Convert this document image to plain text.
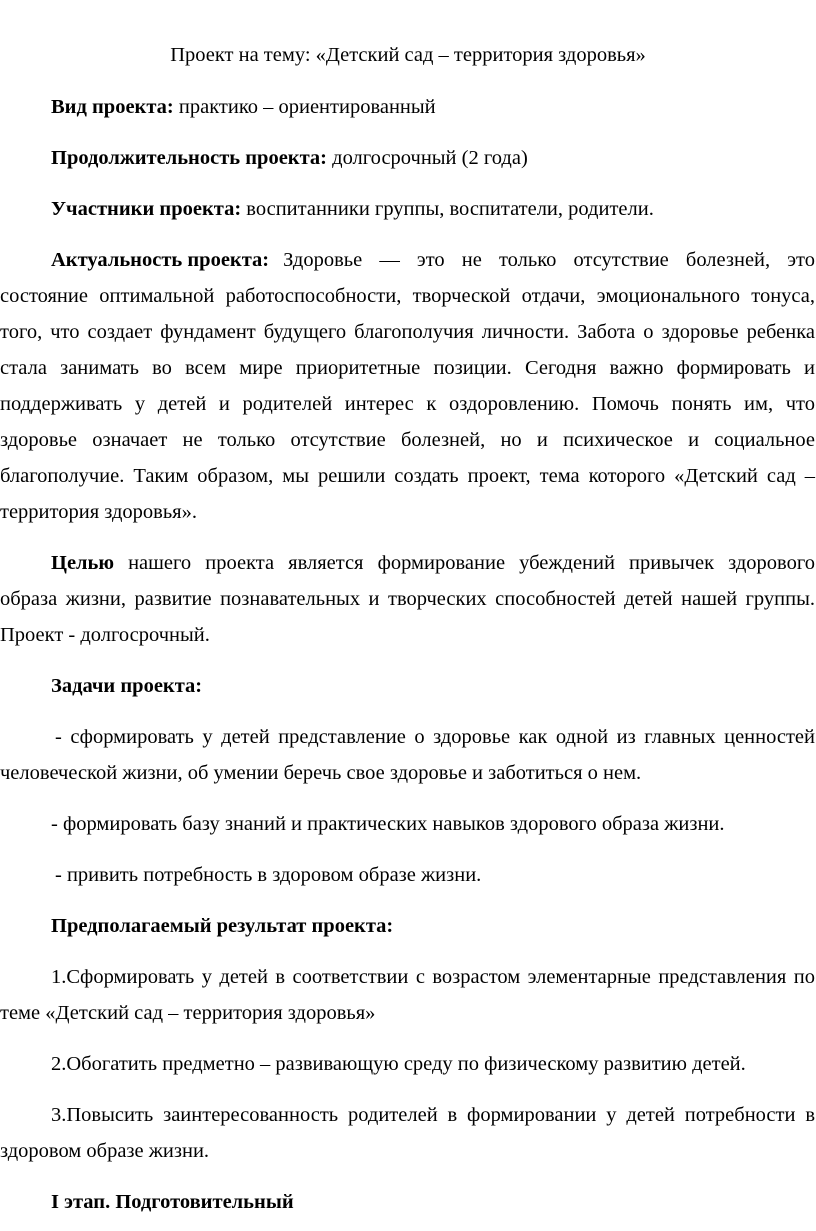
Проект на тему: «Детский сад – территория здоровья»
Вид проекта: практико – ориентированный
Продолжительность проекта: долгосрочный (2 года)
Участники проекта: воспитанники группы, воспитатели, родители.
Актуальность проекта: Здоровье — это не только отсутствие болезней, это
состояние оптимальной работоспособности, творческой отдачи, эмоционального тонуса,
того, что создает фундамент будущего благополучия личности. Забота о здоровье ребенка
стала занимать во всем мире приоритетные позиции. Сегодня важно формировать и
поддерживать у детей и родителей интерес к оздоровлению. Помочь понять им, что
здоровье означает не только отсутствие болезней, но и психическое и социальное
благополучие. Таким образом, мы решили создать проект, тема которого «Детский сад –
территория здоровья».
Целью нашего проекта является формирование убеждений привычек здорового
образа жизни, развитие познавательных и творческих способностей детей нашей группы.
Проект - долгосрочный.
Задачи проекта:
- сформировать у детей представление о здоровье как одной из главных ценностей
человеческой жизни, об умении беречь свое здоровье и заботиться о нем.
- формировать базу знаний и практических навыков здорового образа жизни.
- привить потребность в здоровом образе жизни.
Предполагаемый результат проекта:
1.Сформировать у детей в соответствии с возрастом элементарные представления по
теме «Детский сад – территория здоровья»
2.Обогатить предметно – развивающую среду по физическому развитию детей.
3.Повысить заинтересованность родителей в формировании у детей потребности в
здоровом образе жизни.
I этап. Подготовительный
